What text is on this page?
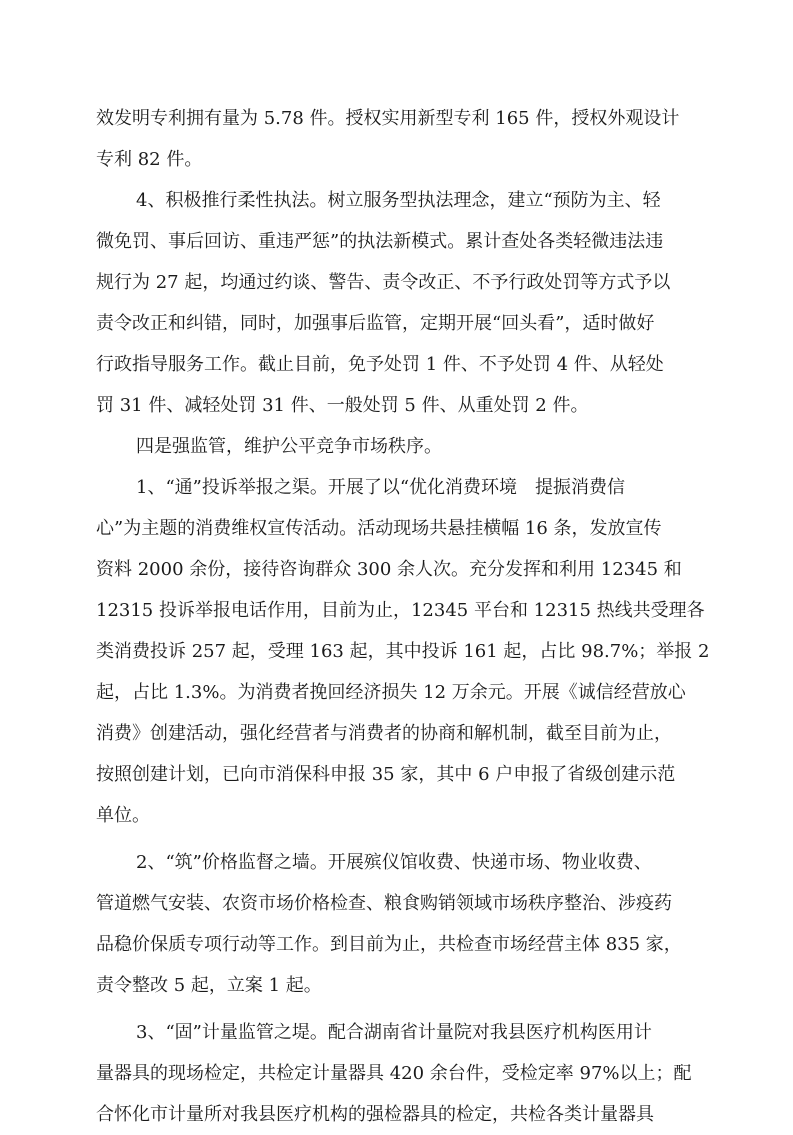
效发明专利拥有量为 5.78 件。授权实用新型专利 165 件，授权外观设计
专利 82 件。
4、积极推行柔性执法。树立服务型执法理念，建立“预防为主、轻
微免罚、事后回访、重违严惩”的执法新模式。累计查处各类轻微违法违
规行为 27 起，均通过约谈、警告、责令改正、不予行政处罚等方式予以
责令改正和纠错，同时，加强事后监管，定期开展“回头看”，适时做好
行政指导服务工作。截止目前，免予处罚 1 件、不予处罚 4 件、从轻处
罚 31 件、减轻处罚 31 件、一般处罚 5 件、从重处罚 2 件。
四是强监管，维护公平竞争市场秩序。
1、“通”投诉举报之渠。开展了以“优化消费环境　提振消费信
心”为主题的消费维权宣传活动。活动现场共悬挂横幅 16 条，发放宣传
资料 2000 余份，接待咨询群众 300 余人次。充分发挥和利用 12345 和
12315 投诉举报电话作用，目前为止，12345 平台和 12315 热线共受理各
类消费投诉 257 起，受理 163 起，其中投诉 161 起，占比 98.7%；举报 2
起，占比 1.3%。为消费者挽回经济损失 12 万余元。开展《诚信经营放心
消费》创建活动，强化经营者与消费者的协商和解机制，截至目前为止，
按照创建计划，已向市消保科申报 35 家，其中 6 户申报了省级创建示范
单位。
2、“筑”价格监督之墙。开展殡仪馆收费、快递市场、物业收费、
管道燃气安装、农资市场价格检查、粮食购销领域市场秩序整治、涉疫药
品稳价保质专项行动等工作。到目前为止，共检查市场经营主体 835 家，
责令整改 5 起，立案 1 起。
3、“固”计量监管之堤。配合湖南省计量院对我县医疗机构医用计
量器具的现场检定，共检定计量器具 420 余台件，受检定率 97%以上；配
合怀化市计量所对我县医疗机构的强检器具的检定，共检各类计量器具
